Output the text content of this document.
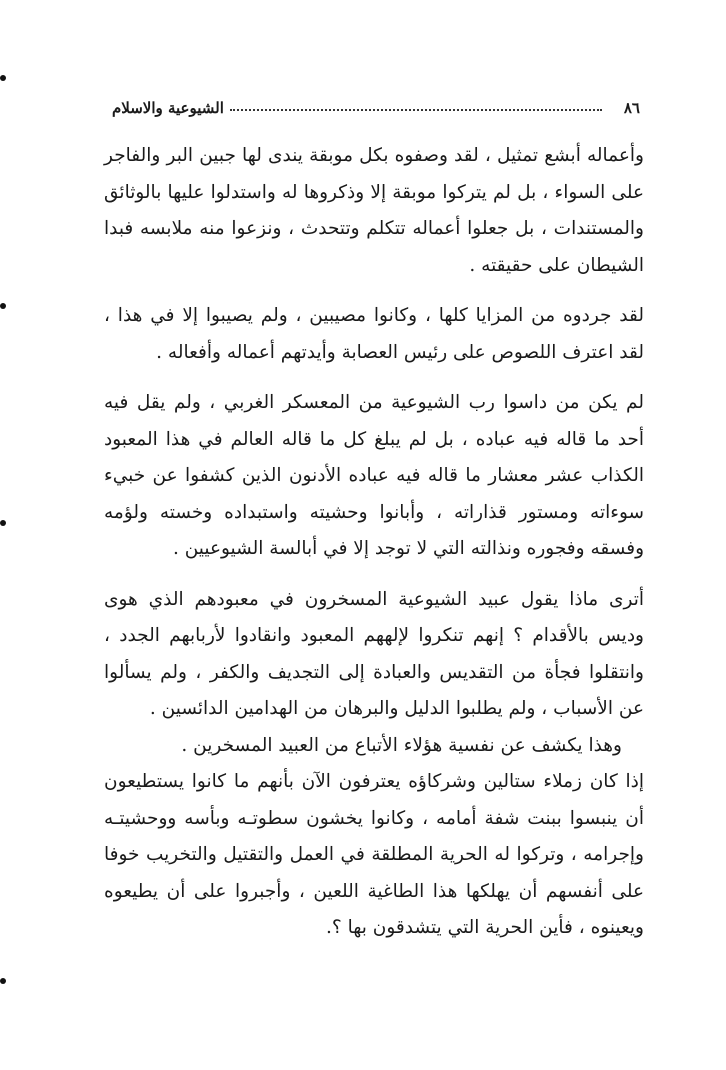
٨٦
الشيوعية والاسلام

وأعماله أبشع تمثيل ، لقد وصفوه بكل موبقة يندى لها جبين البر والفاجر على السواء ، بل لم يتركوا موبقة إلا وذكروها له واستدلوا عليها بالوثائق والمستندات ، بل جعلوا أعماله تتكلم وتتحدث ، ونزعوا منه ملابسه فبدا الشيطان على حقيقته .

لقد جردوه من المزايا كلها ، وكانوا مصيبين ، ولم يصيبوا إلا في هذا ، لقد اعترف اللصوص على رئيس العصابة وأيدتهم أعماله وأفعاله .

لم يكن من داسوا رب الشيوعية من المعسكر الغربي ، ولم يقل فيه أحد ما قاله فيه عباده ، بل لم يبلغ كل ما قاله العالم في هذا المعبود الكذاب عشر معشار ما قاله فيه عباده الأدنون الذين كشفوا عن خبيء سوءاته ومستور قذاراته ، وأبانوا وحشيته واستبداده وخسته ولؤمه وفسقه وفجوره ونذالته التي لا توجد إلا في أبالسة الشيوعيين .

أترى ماذا يقول عبيد الشيوعية المسخرون في معبودهم الذي هوى وديس بالأقدام ؟ إنهم تنكروا لإلههم المعبود وانقادوا لأربابهم الجدد ، وانتقلوا فجأة من التقديس والعبادة إلى التجديف والكفر ، ولم يسألوا عن الأسباب ، ولم يطلبوا الدليل والبرهان من الهدامين الدائسين .

وهذا يكشف عن نفسية هؤلاء الأتباع من العبيد المسخرين .

إذا كان زملاء ستالين وشركاؤه يعترفون الآن بأنهم ما كانوا يستطيعون أن ينبسوا ببنت شفة أمامه ، وكانوا يخشون سطوتـه وبأسه ووحشيتـه وإجرامه ، وتركوا له الحرية المطلقة في العمل والتقتيل والتخريب خوفا على أنفسهم أن يهلكها هذا الطاغية اللعين ، وأجبروا على أن يطيعوه ويعينوه ، فأين الحرية التي يتشدقون بها ؟.
